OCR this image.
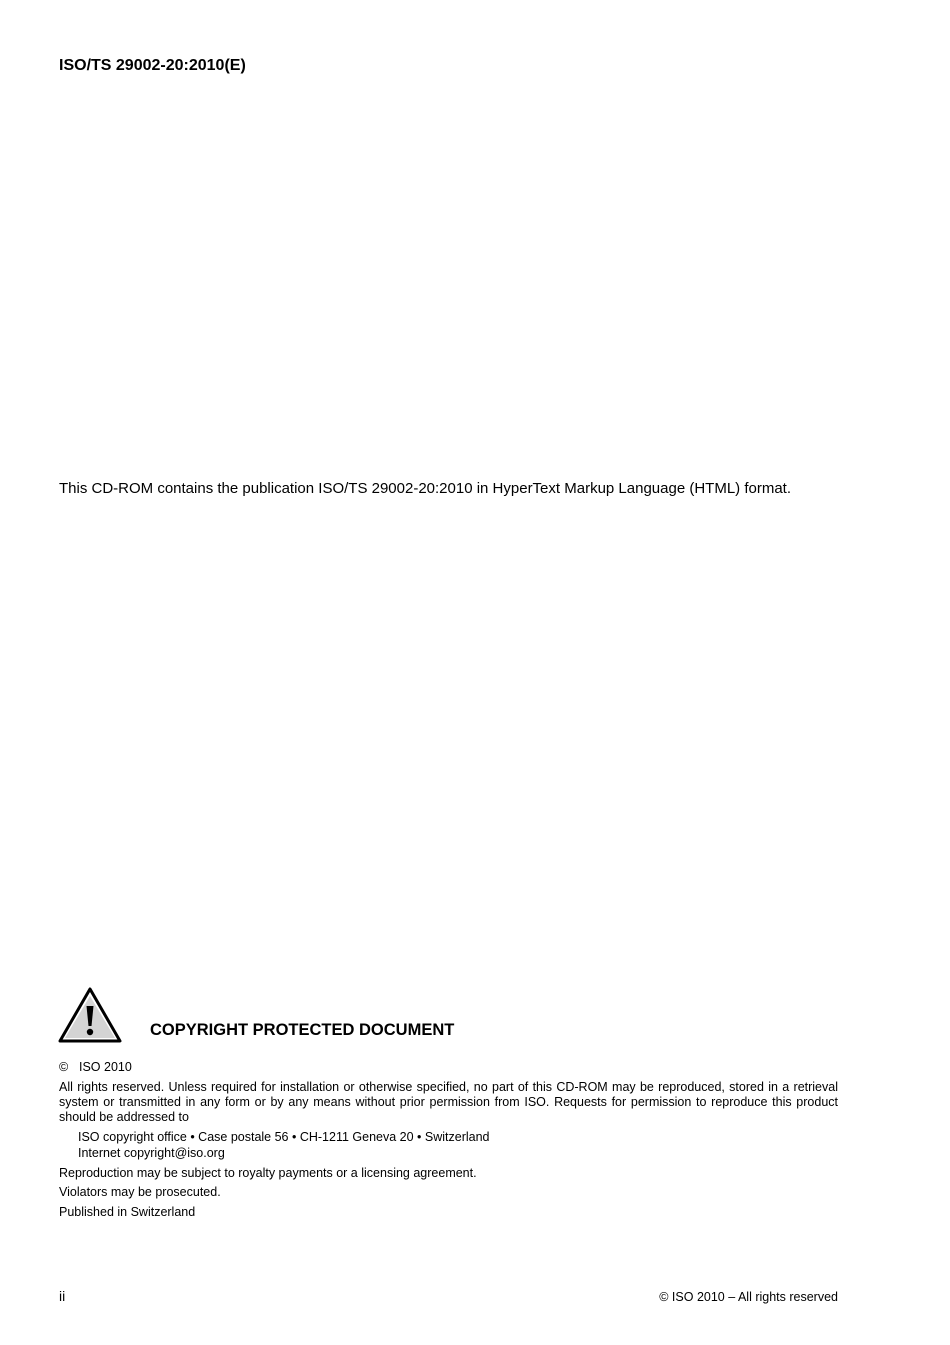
ISO/TS 29002-20:2010(E)
This CD-ROM contains the publication ISO/TS 29002-20:2010 in HyperText Markup Language (HTML) format.
COPYRIGHT PROTECTED DOCUMENT
© ISO 2010
All rights reserved. Unless required for installation or otherwise specified, no part of this CD-ROM may be reproduced, stored in a retrieval system or transmitted in any form or by any means without prior permission from ISO. Requests for permission to reproduce this product should be addressed to
ISO copyright office • Case postale 56 • CH-1211 Geneva 20 • Switzerland
Internet copyright@iso.org
Reproduction may be subject to royalty payments or a licensing agreement.
Violators may be prosecuted.
Published in Switzerland
ii	© ISO 2010 – All rights reserved
